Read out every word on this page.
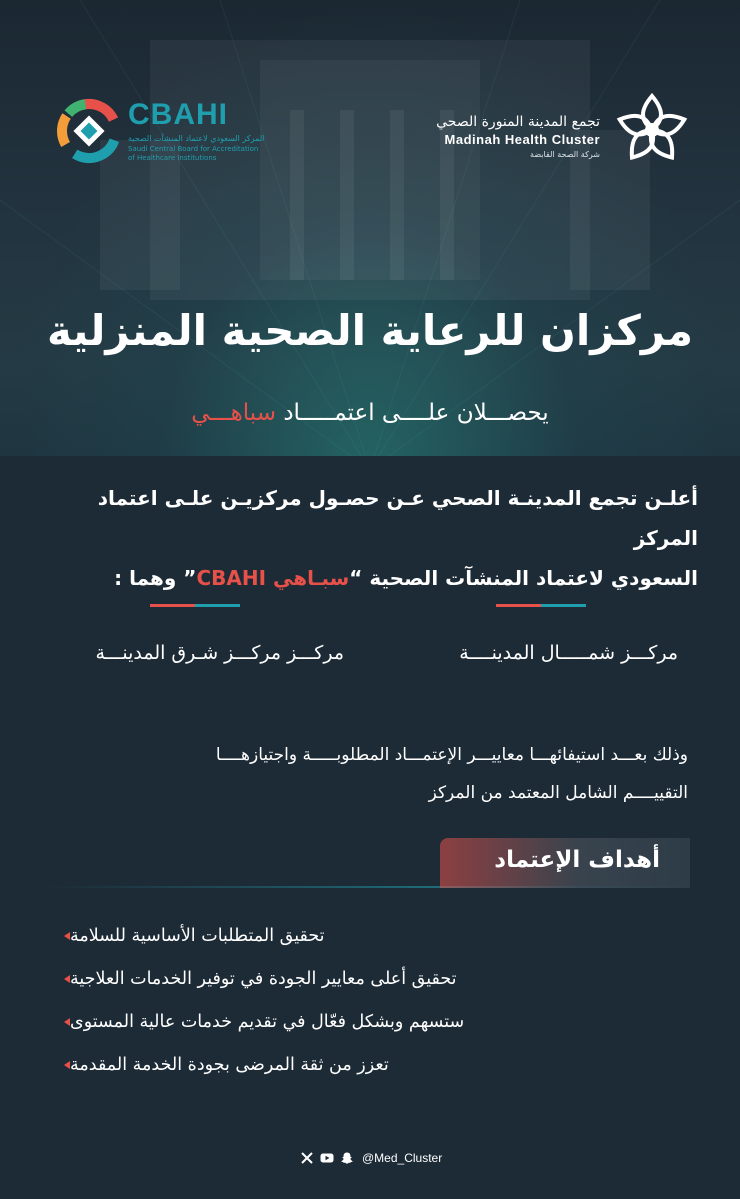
CBAHI
المركز السعودي لاعتماد المنشآت الصحية
Saudi Central Board for Accreditation
of Healthcare Institutions
تجمع المدينة المنورة الصحي
Madinah Health Cluster
شركة الصحة القابضة
مركزان للرعاية الصحية المنزلية
يحصـــلان علــــى اعتمـــــاد سباهـــي
أعلـن تجمع المدينـة الصحي عـن حصـول مركزيـن علـى اعتماد المركز
السعودي لاعتماد المنشآت الصحية “سبـاهي CBAHI” وهما :
مركـــز شمـــــال المدينــــة
مركـــز مركـــز شـرق المدينـــة
وذلك بعـــد استيفائهـــا معاييـــر الإعتمـــاد المطلوبـــــة واجتيازهــــا
التقييــــم الشامل المعتمد من المركز
أهداف الإعتماد
تحقيق المتطلبات الأساسية للسلامة
تحقيق أعلى معايير الجودة في توفير الخدمات العلاجية
ستسهم وبشكل فعّال في تقديم خدمات عالية المستوى
تعزز من ثقة المرضى بجودة الخدمة المقدمة
@Med_Cluster
